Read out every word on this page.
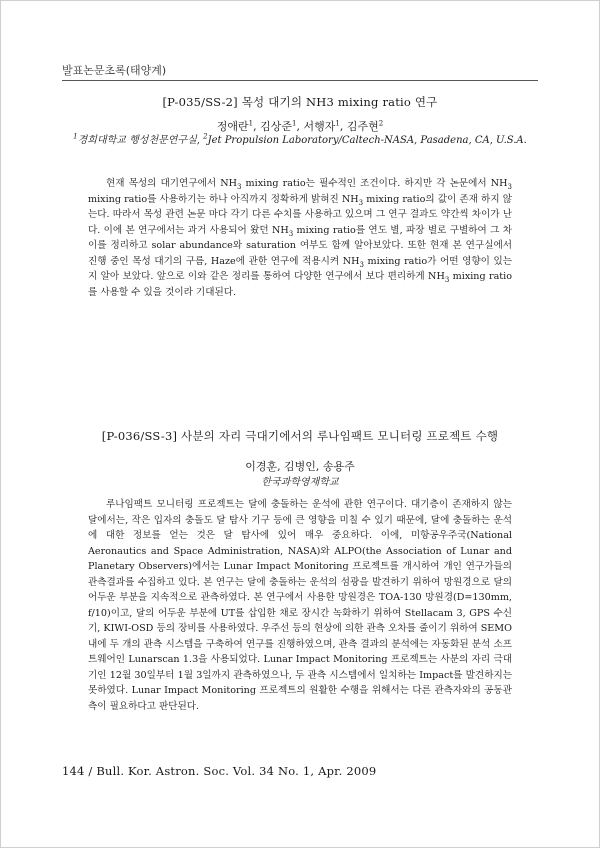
발표논문초록(태양계)
[P-035/SS-2] 목성 대기의 NH3 mixing ratio 연구
정애란$^1$, 김상준$^1$, 서행자$^1$, 김주현$^2$
$^1$경희대학교 행성천문연구실, $^2$Jet Propulsion Laboratory/Caltech-NASA, Pasadena, CA, U.S.A.

현재 목성의 대기연구에서 $NH_3$ mixing ratio는 필수적인 조건이다. 하지만 각 논문에서 $NH_3$ mixing ratio를 사용하기는 하나 아직까지 정확하게 밝혀진 $NH_3$ mixing ratio의 값이 존재 하지 않는다. 따라서 목성 관련 논문 마다 각기 다른 수치를 사용하고 있으며 그 연구 결과도 약간씩 차이가 난다. 이에 본 연구에서는 과거 사용되어 왔던 $NH_3$ mixing ratio를 연도 별, 파장 별로 구별하여 그 차이를 정리하고 solar abundance와 saturation 여부도 함께 알아보았다. 또한 현재 본 연구실에서 진행 중인 목성 대기의 구름, Haze에 관한 연구에 적용시켜 $NH_3$ mixing ratio가 어떤 영향이 있는 지 알아 보았다. 앞으로 이와 같은 정리를 통하여 다양한 연구에서 보다 편리하게 $NH_3$ mixing ratio를 사용할 수 있을 것이라 기대된다.

[P-036/SS-3] 사분의 자리 극대기에서의 루나임팩트 모니터링 프로젝트 수행
이경훈, 김병인, 송용주
한국과학영재학교

루나임팩트 모니터링 프로젝트는 달에 충돌하는 운석에 관한 연구이다. 대기층이 존재하지 않는 달에서는, 작은 입자의 충돌도 달 탐사 기구 등에 큰 영향을 미칠 수 있기 때문에, 달에 충돌하는 운석에 대한 정보를 얻는 것은 달 탐사에 있어 매우 중요하다. 이에, 미항공우주국(National Aeronautics and Space Administration, NASA)와 ALPO(the Association of Lunar and Planetary Observers)에서는 Lunar Impact Monitoring 프로젝트를 개시하여 개인 연구가들의 관측결과를 수집하고 있다. 본 연구는 달에 충돌하는 운석의 섬광을 발견하기 위하여 망원경으로 달의 어두운 부분을 지속적으로 관측하였다. 본 연구에서 사용한 망원경은 TOA-130 망원경(D=130mm, f/10)이고, 달의 어두운 부분에 UT를 삽입한 채로 장시간 녹화하기 위하여 Stellacam 3, GPS 수신기, KIWI-OSD 등의 장비를 사용하였다. 우주선 등의 현상에 의한 관측 오차를 줄이기 위하여 SEMO내에 두 개의 관측 시스템을 구축하여 연구를 진행하였으며, 관측 결과의 분석에는 자동화된 분석 소프트웨어인 Lunarscan 1.3을 사용되었다. Lunar Impact Monitoring 프로젝트는 사분의 자리 극대기인 12월 30일부터 1월 3일까지 관측하였으나, 두 관측 시스템에서 일치하는 Impact를 발견하지는 못하였다. Lunar Impact Monitoring 프로젝트의 원활한 수행을 위해서는 다른 관측자와의 공동관측이 필요하다고 판단된다.

144 / Bull. Kor. Astron. Soc. Vol. 34 No. 1, Apr. 2009
